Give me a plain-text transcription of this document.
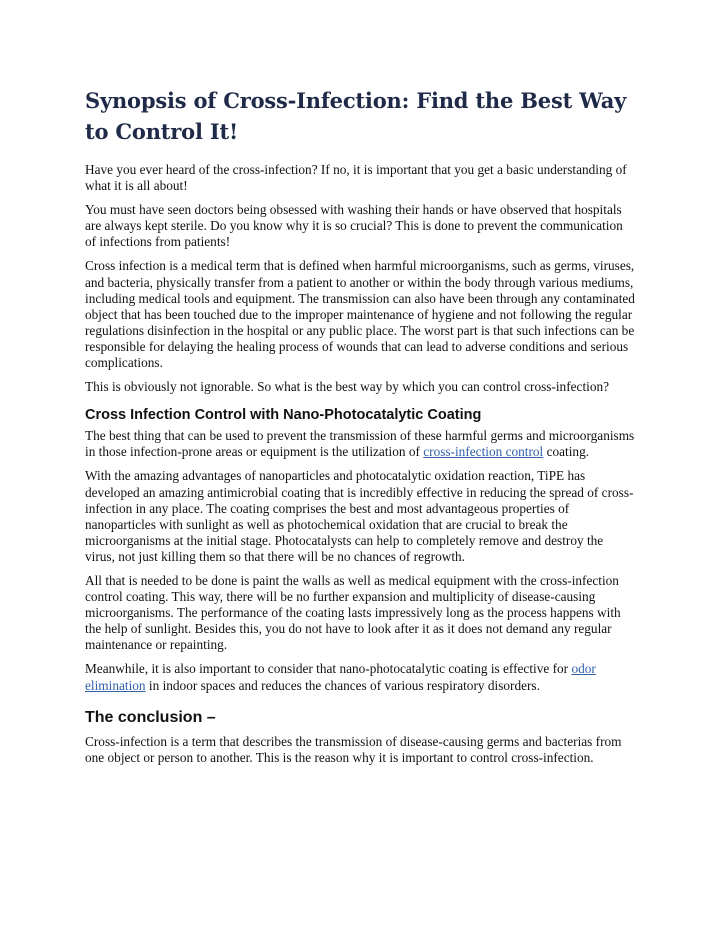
Synopsis of Cross-Infection: Find the Best Way to Control It!

Have you ever heard of the cross-infection? If no, it is important that you get a basic understanding of what it is all about!

You must have seen doctors being obsessed with washing their hands or have observed that hospitals are always kept sterile. Do you know why it is so crucial? This is done to prevent the communication of infections from patients!

Cross infection is a medical term that is defined when harmful microorganisms, such as germs, viruses, and bacteria, physically transfer from a patient to another or within the body through various mediums, including medical tools and equipment. The transmission can also have been through any contaminated object that has been touched due to the improper maintenance of hygiene and not following the regular regulations disinfection in the hospital or any public place. The worst part is that such infections can be responsible for delaying the healing process of wounds that can lead to adverse conditions and serious complications.

This is obviously not ignorable. So what is the best way by which you can control cross-infection?

Cross Infection Control with Nano-Photocatalytic Coating

The best thing that can be used to prevent the transmission of these harmful germs and microorganisms in those infection-prone areas or equipment is the utilization of cross-infection control coating.

With the amazing advantages of nanoparticles and photocatalytic oxidation reaction, TiPE has developed an amazing antimicrobial coating that is incredibly effective in reducing the spread of cross-infection in any place. The coating comprises the best and most advantageous properties of nanoparticles with sunlight as well as photochemical oxidation that are crucial to break the microorganisms at the initial stage. Photocatalysts can help to completely remove and destroy the virus, not just killing them so that there will be no chances of regrowth.

All that is needed to be done is paint the walls as well as medical equipment with the cross-infection control coating. This way, there will be no further expansion and multiplicity of disease-causing microorganisms. The performance of the coating lasts impressively long as the process happens with the help of sunlight. Besides this, you do not have to look after it as it does not demand any regular maintenance or repainting.

Meanwhile, it is also important to consider that nano-photocatalytic coating is effective for odor elimination in indoor spaces and reduces the chances of various respiratory disorders.

The conclusion –

Cross-infection is a term that describes the transmission of disease-causing germs and bacterias from one object or person to another. This is the reason why it is important to control cross-infection.
